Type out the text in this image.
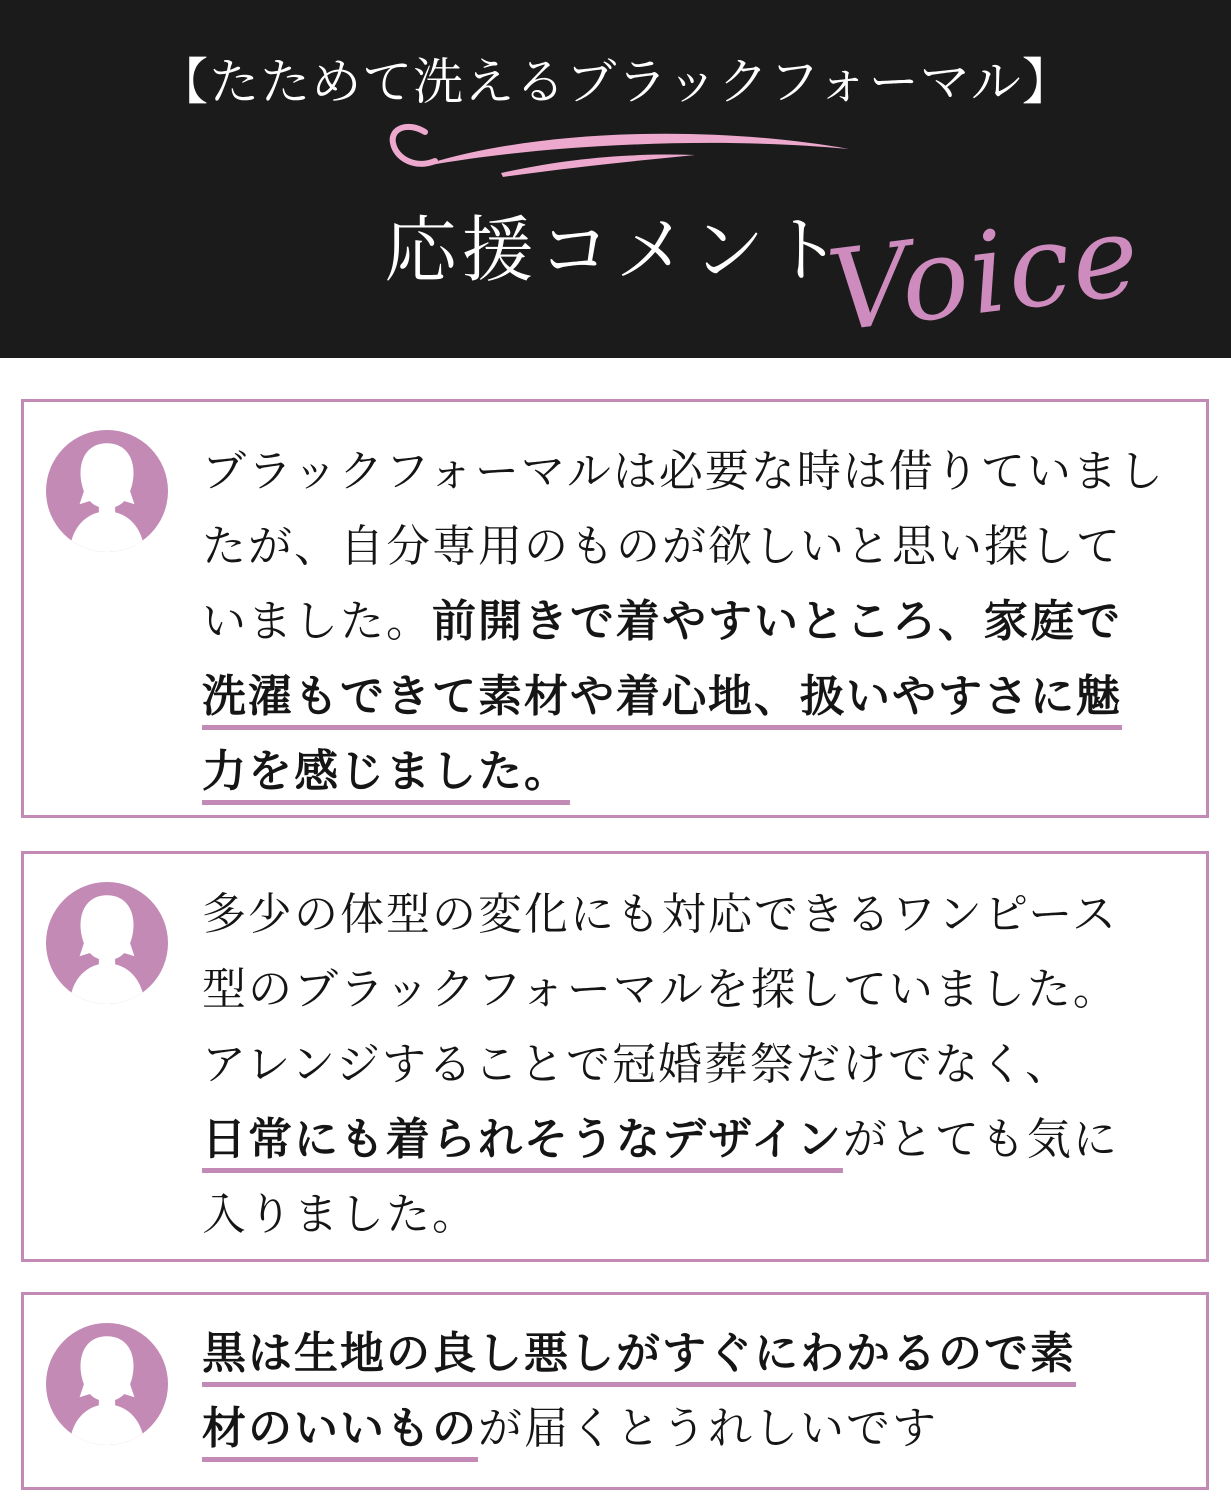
【たためて洗えるブラックフォーマル】
応援コメント
Voice
ブラックフォーマルは必要な時は借りていまし
たが、自分専用のものが欲しいと思い探して
いました。前開きで着やすいところ、家庭で
洗濯もできて素材や着心地、扱いやすさに魅
力を感じました。
多少の体型の変化にも対応できるワンピース
型のブラックフォーマルを探していました。
アレンジすることで冠婚葬祭だけでなく、
日常にも着られそうなデザインがとても気に
入りました。
黒は生地の良し悪しがすぐにわかるので素
材のいいものが届くとうれしいです
